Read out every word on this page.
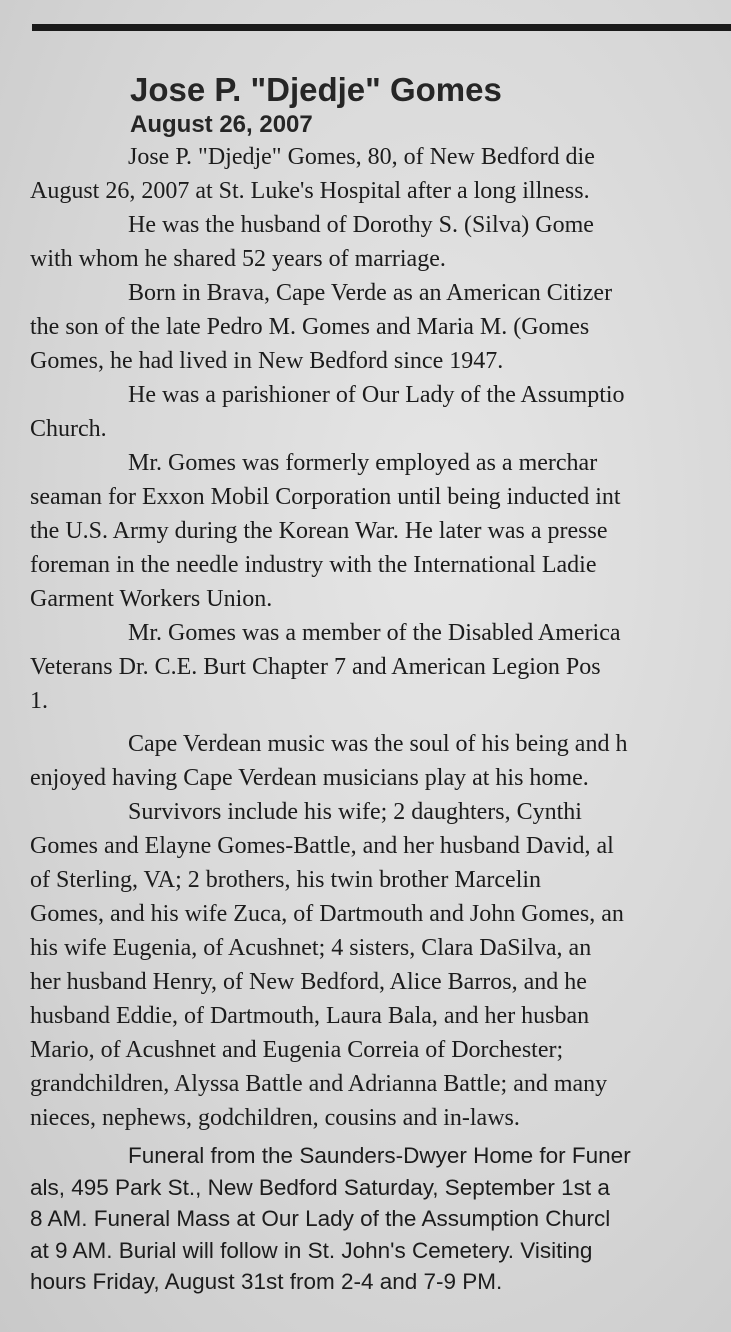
Jose P. "Djedje" Gomes
August 26, 2007
Jose P. "Djedje" Gomes, 80, of New Bedford die
August 26, 2007 at St. Luke's Hospital after a long illness.
He was the husband of Dorothy S. (Silva) Gome
with whom he shared 52 years of marriage.
Born in Brava, Cape Verde as an American Citizer
the son of the late Pedro M. Gomes and Maria M. (Gomes
Gomes, he had lived in New Bedford since 1947.
He was a parishioner of Our Lady of the Assumptio
Church.
Mr. Gomes was formerly employed as a merchar
seaman for Exxon Mobil Corporation until being inducted int
the U.S. Army during the Korean War. He later was a presse
foreman in the needle industry with the International Ladie
Garment Workers Union.
Mr. Gomes was a member of the Disabled America
Veterans Dr. C.E. Burt Chapter 7 and American Legion Pos
1.
Cape Verdean music was the soul of his being and h
enjoyed having Cape Verdean musicians play at his home.
Survivors include his wife; 2 daughters, Cynthi
Gomes and Elayne Gomes-Battle, and her husband David, al
of Sterling, VA; 2 brothers, his twin brother Marcelin
Gomes, and his wife Zuca, of Dartmouth and John Gomes, an
his wife Eugenia, of Acushnet; 4 sisters, Clara DaSilva, an
her husband Henry, of New Bedford, Alice Barros, and he
husband Eddie, of Dartmouth, Laura Bala, and her husban
Mario, of Acushnet and Eugenia Correia of Dorchester;
grandchildren, Alyssa Battle and Adrianna Battle; and many
nieces, nephews, godchildren, cousins and in-laws.
Funeral from the Saunders-Dwyer Home for Funer
als, 495 Park St., New Bedford Saturday, September 1st a
8 AM. Funeral Mass at Our Lady of the Assumption Churcl
at 9 AM. Burial will follow in St. John's Cemetery. Visiting
hours Friday, August 31st from 2-4 and 7-9 PM.
